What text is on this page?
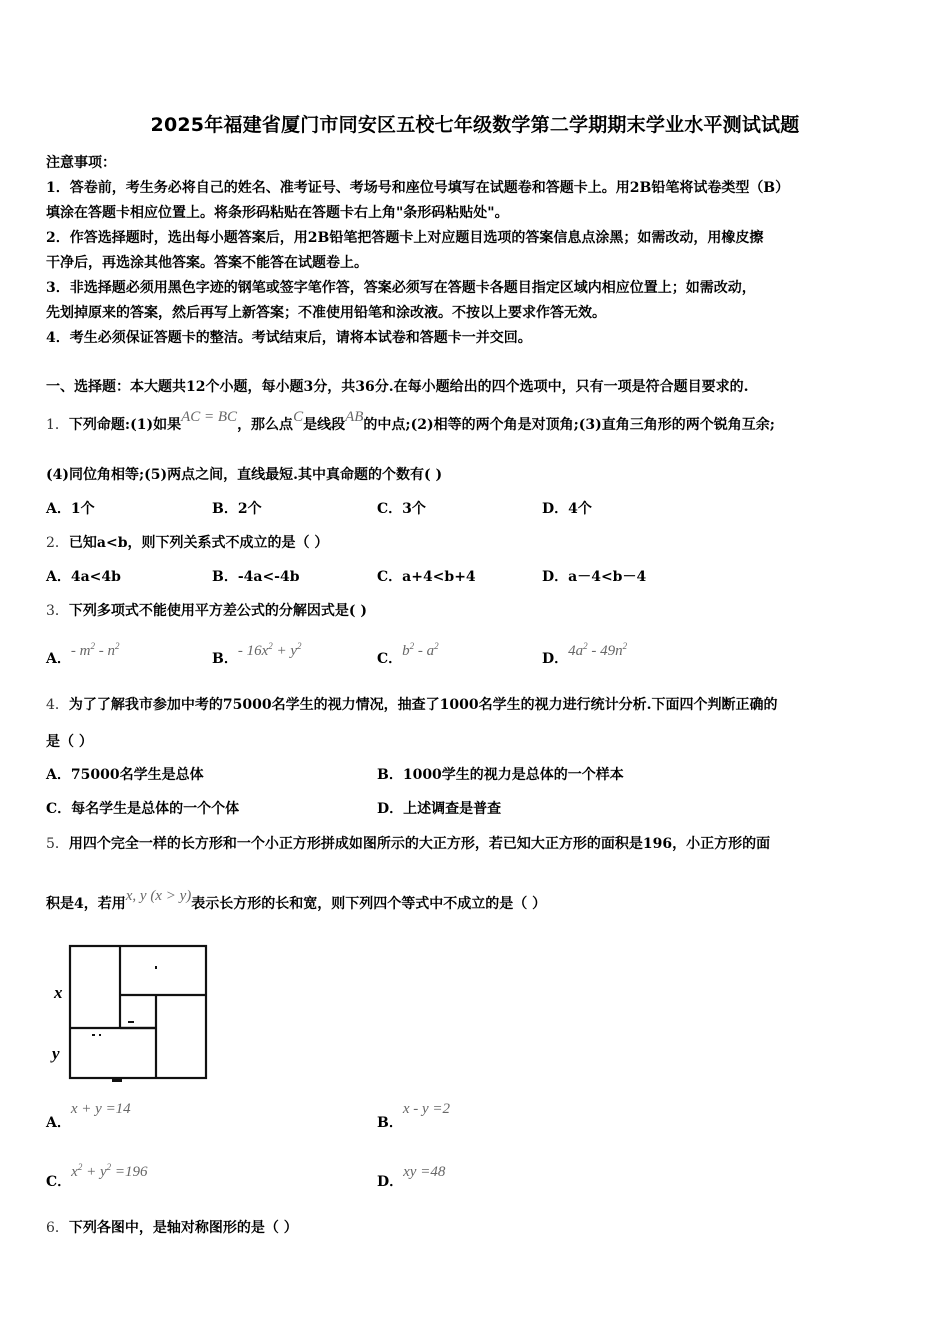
2025年福建省厦门市同安区五校七年级数学第二学期期末学业水平测试试题
注意事项：
1．答卷前，考生务必将自己的姓名、准考证号、考场号和座位号填写在试题卷和答题卡上。用2B铅笔将试卷类型（B）
填涂在答题卡相应位置上。将条形码粘贴在答题卡右上角"条形码粘贴处"。
2．作答选择题时，选出每小题答案后，用2B铅笔把答题卡上对应题目选项的答案信息点涂黑；如需改动，用橡皮擦
干净后，再选涂其他答案。答案不能答在试题卷上。
3．非选择题必须用黑色字迹的钢笔或签字笔作答，答案必须写在答题卡各题目指定区域内相应位置上；如需改动，
先划掉原来的答案，然后再写上新答案；不准使用铅笔和涂改液。不按以上要求作答无效。
4．考生必须保证答题卡的整洁。考试结束后，请将本试卷和答题卡一并交回。
一、选择题：本大题共12个小题，每小题3分，共36分.在每小题给出的四个选项中，只有一项是符合题目要求的.
1．下列命题:(1)如果AC = BC，那么点C是线段AB的中点;(2)相等的两个角是对顶角;(3)直角三角形的两个锐角互余;
(4)同位角相等;(5)两点之间，直线最短.其中真命题的个数有( )
A．1个	B．2个	C．3个	D．4个
2．已知a<b，则下列关系式不成立的是（ ）
A．4a<4b	B．-4a<-4b	C．a+4<b+4	D．a－4<b－4
3．下列多项式不能使用平方差公式的分解因式是( )
A．- $m^2 - n^2$
B．- $16x^2 + y^2$
C．$b^2 - a^2$
D．$4a^2 - 49n^2$
4．为了了解我市参加中考的75000名学生的视力情况，抽查了1000名学生的视力进行统计分析.下面四个判断正确的
是（ ）
A．75000名学生是总体	B．1000学生的视力是总体的一个样本
C．每名学生是总体的一个个体	D．上述调查是普查
5．用四个完全一样的长方形和一个小正方形拼成如图所示的大正方形，若已知大正方形的面积是196，小正方形的面
积是4，若用x, y (x > y)表示长方形的长和宽，则下列四个等式中不成立的是（ ）
x
y
A．x + y =14
B．x - y =2
C．$x^2 + y^2 =196$
D．xy =48
6．下列各图中，是轴对称图形的是（ ）
